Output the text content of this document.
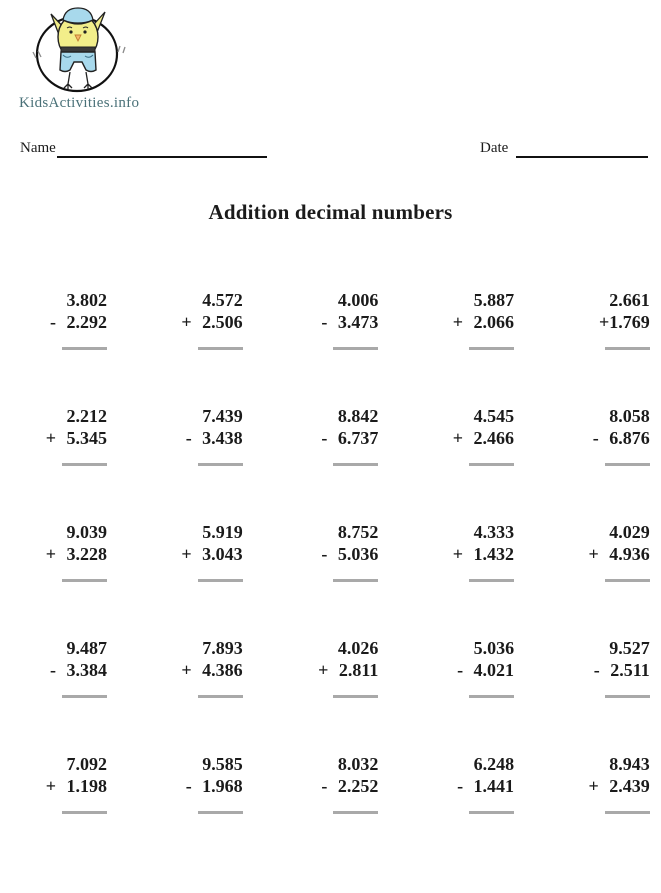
KidsActivities.info
Name	Date
Addition decimal numbers
3.802
- 2.292
4.572
+ 2.506
4.006
- 3.473
5.887
+ 2.066
2.661
+1.769
2.212
+ 5.345
7.439
- 3.438
8.842
- 6.737
4.545
+ 2.466
8.058
- 6.876
9.039
+ 3.228
5.919
+ 3.043
8.752
- 5.036
4.333
+ 1.432
4.029
+ 4.936
9.487
- 3.384
7.893
+ 4.386
4.026
+ 2.811
5.036
- 4.021
9.527
- 2.511
7.092
+ 1.198
9.585
- 1.968
8.032
- 2.252
6.248
- 1.441
8.943
+ 2.439
